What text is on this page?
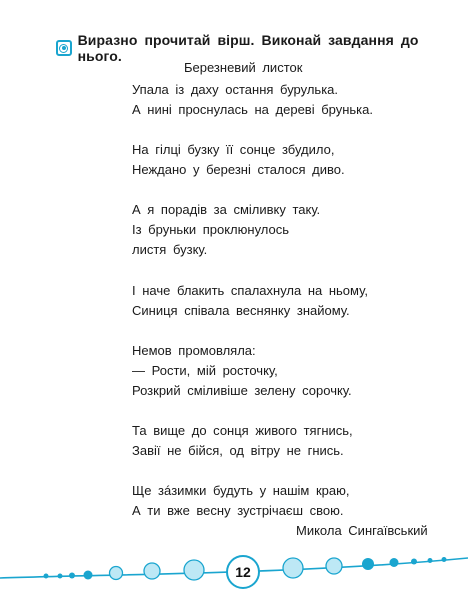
Виразно прочитай вірш. Виконай завдання до нього.
Березневий листок
Упала із даху остання бурулька.
А нині проснулась на дереві брунька.
На гілці бузку її сонце збудило,
Нежданo у березні сталося диво.
А я порадів за сміливку таку.
Із бруньки проклюнулось
листя бузку.
І наче блакить спалахнула на ньому,
Синиця співала веснянку знайому.
Немов промовляла:
— Рости, мій росточку,
Розкрий сміливіше зелену сорочку.
Та вище до сонця живого тягнись,
Завії не бійся, од вітру не гнись.
Ще зáзимки будуть у нашім краю,
А ти вже весну зустрічаєш свою.
Микола Сингаївський
12
